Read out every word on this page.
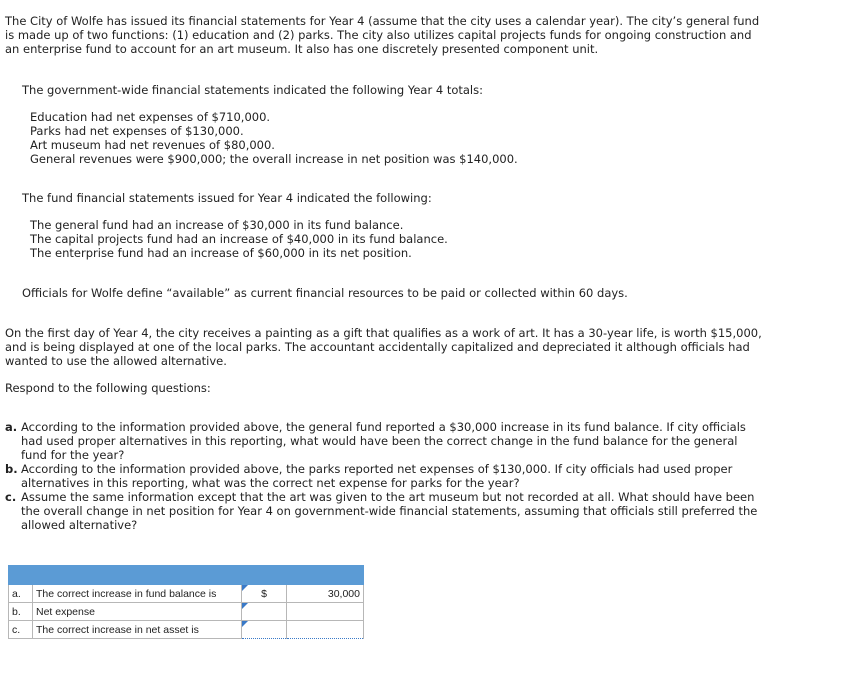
The City of Wolfe has issued its financial statements for Year 4 (assume that the city uses a calendar year). The city’s general fund is made up of two functions: (1) education and (2) parks. The city also utilizes capital projects funds for ongoing construction and an enterprise fund to account for an art museum. It also has one discretely presented component unit.

The government-wide financial statements indicated the following Year 4 totals:
Education had net expenses of $710,000.
Parks had net expenses of $130,000.
Art museum had net revenues of $80,000.
General revenues were $900,000; the overall increase in net position was $140,000.
The fund financial statements issued for Year 4 indicated the following:
The general fund had an increase of $30,000 in its fund balance.
The capital projects fund had an increase of $40,000 in its fund balance.
The enterprise fund had an increase of $60,000 in its net position.
Officials for Wolfe define “available” as current financial resources to be paid or collected within 60 days.

On the first day of Year 4, the city receives a painting as a gift that qualifies as a work of art. It has a 30-year life, is worth $15,000, and is being displayed at one of the local parks. The accountant accidentally capitalized and depreciated it although officials had wanted to use the allowed alternative.

Respond to the following questions:
a. According to the information provided above, the general fund reported a $30,000 increase in its fund balance. If city officials had used proper alternatives in this reporting, what would have been the correct change in the fund balance for the general fund for the year?
b. According to the information provided above, the parks reported net expenses of $130,000. If city officials had used proper alternatives in this reporting, what was the correct net expense for parks for the year?
c. Assume the same information except that the art was given to the art museum but not recorded at all. What should have been the overall change in net position for Year 4 on government-wide financial statements, assuming that officials still preferred the allowed alternative?

a.	The correct increase in fund balance is	$	30,000
b.	Net expense	

c.	The correct increase in net asset is	
